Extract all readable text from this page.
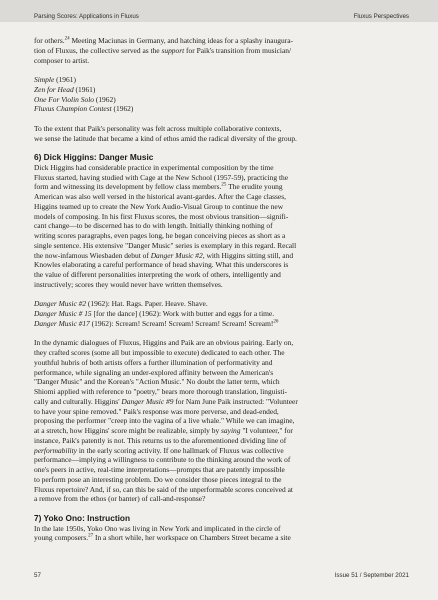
Parsing Scores: Applications in Fluxus	Fluxus Perspectives

for others.$^{24}$ Meeting Maciunas in Germany, and hatching ideas for a splashy inaugura-
tion of Fluxus, the collective served as the support for Paik's transition from musician/
composer to artist.

Simple (1961)
Zen for Head (1961)
One For Violin Solo (1962)
Fluxus Champion Contest (1962)

To the extent that Paik's personality was felt across multiple collaborative contexts,
we sense the latitude that became a kind of ethos amid the radical diversity of the group.

6) Dick Higgins: Danger Music

Dick Higgins had considerable practice in experimental composition by the time
Fluxus started, having studied with Cage at the New School (1957-59), practicing the
form and witnessing its development by fellow class members.$^{25}$ The erudite young
American was also well versed in the historical avant-gardes. After the Cage classes,
Higgins teamed up to create the New York Audio-Visual Group to continue the new
models of composing. In his first Fluxus scores, the most obvious transition—signifi-
cant change—to be discerned has to do with length. Initially thinking nothing of
writing scores paragraphs, even pages long, he began conceiving pieces as short as a
single sentence. His extensive "Danger Music" series is exemplary in this regard. Recall
the now-infamous Wiesbaden debut of Danger Music #2, with Higgins sitting still, and
Knowles elaborating a careful performance of head shaving. What this underscores is
the value of different personalities interpreting the work of others, intelligently and
instructively; scores they would never have written themselves.

Danger Music #2 (1962): Hat. Rags. Paper. Heave. Shave.
Danger Music # 15 [for the dance] (1962): Work with butter and eggs for a time.
Danger Music #17 (1962): Scream! Scream! Scream! Scream! Scream! Scream!$^{26}$

In the dynamic dialogues of Fluxus, Higgins and Paik are an obvious pairing. Early on,
they crafted scores (some all but impossible to execute) dedicated to each other. The
youthful hubris of both artists offers a further illumination of performativity and
performance, while signaling an under-explored affinity between the American's
"Danger Music" and the Korean's "Action Music." No doubt the latter term, which
Shiomi applied with reference to "poetry," bears more thorough translation, linguisti-
cally and culturally. Higgins' Danger Music #9 for Nam June Paik instructed: "Volunteer
to have your spine removed." Paik's response was more perverse, and dead-ended,
proposing the performer "creep into the vagina of a live whale." While we can imagine,
at a stretch, how Higgins' score might be realizable, simply by saying "I volunteer," for
instance, Paik's patently is not. This returns us to the aforementioned dividing line of
performability in the early scoring activity. If one hallmark of Fluxus was collective
performance—implying a willingness to contribute to the thinking around the work of
one's peers in active, real-time interpretations—prompts that are patently impossible
to perform pose an interesting problem. Do we consider those pieces integral to the
Fluxus repertoire? And, if so, can this be said of the unperformable scores conceived at
a remove from the ethos (or banter) of call-and-response?

7) Yoko Ono: Instruction

In the late 1950s, Yoko Ono was living in New York and implicated in the circle of
young composers.$^{27}$ In a short while, her workspace on Chambers Street became a site

57	Issue 51 / September 2021
